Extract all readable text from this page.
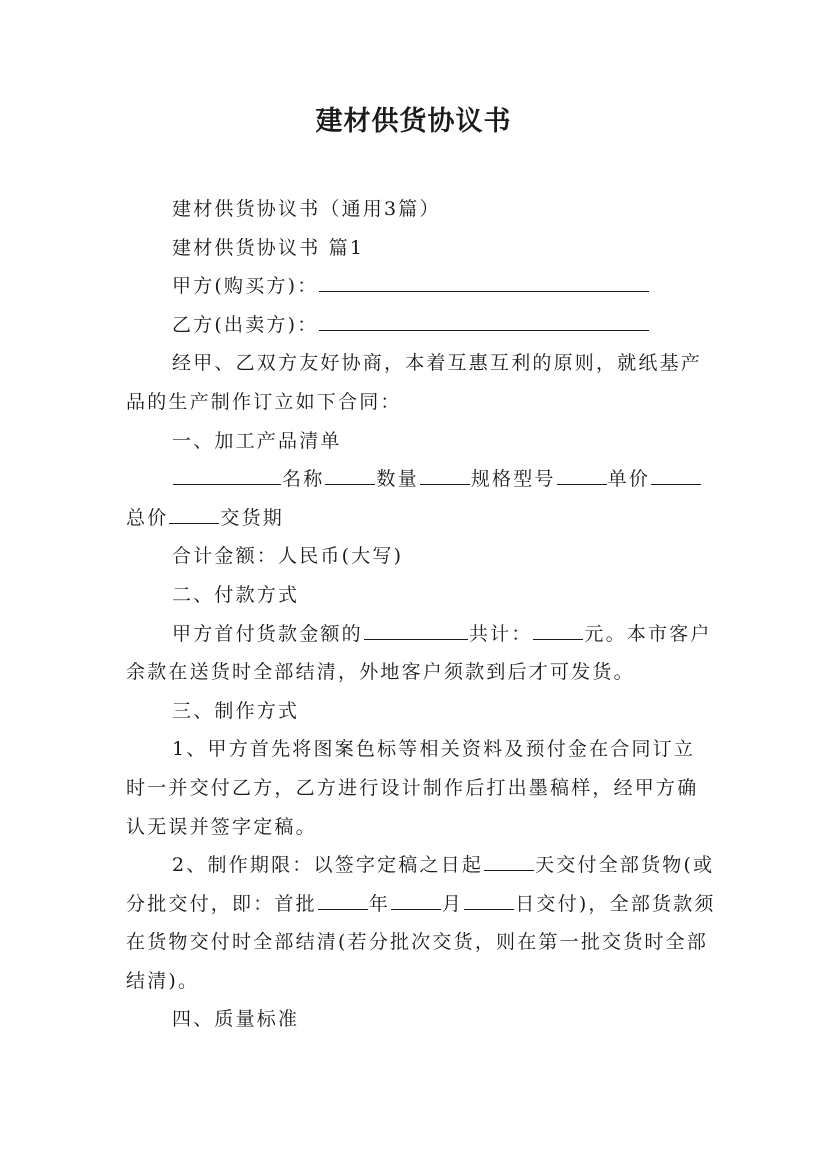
建材供货协议书

建材供货协议书（通用3篇）

建材供货协议书 篇1

甲方(购买方)：

乙方(出卖方)：

经甲、乙双方友好协商，本着互惠互利的原则，就纸基产品的生产制作订立如下合同：

一、加工产品清单

名称	数量	规格型号	单价总价	交货期

合计金额：人民币(大写)

二、付款方式

甲方首付货款金额的	共计：	元。本市客户余款在送货时全部结清，外地客户须款到后才可发货。

三、制作方式

1、甲方首先将图案色标等相关资料及预付金在合同订立时一并交付乙方，乙方进行设计制作后打出墨稿样，经甲方确认无误并签字定稿。

2、制作期限：以签字定稿之日起	天交付全部货物(或分批交付，即：首批	年	月	日交付)，全部货款须在货物交付时全部结清(若分批次交货，则在第一批交货时全部结清)。

四、质量标准
